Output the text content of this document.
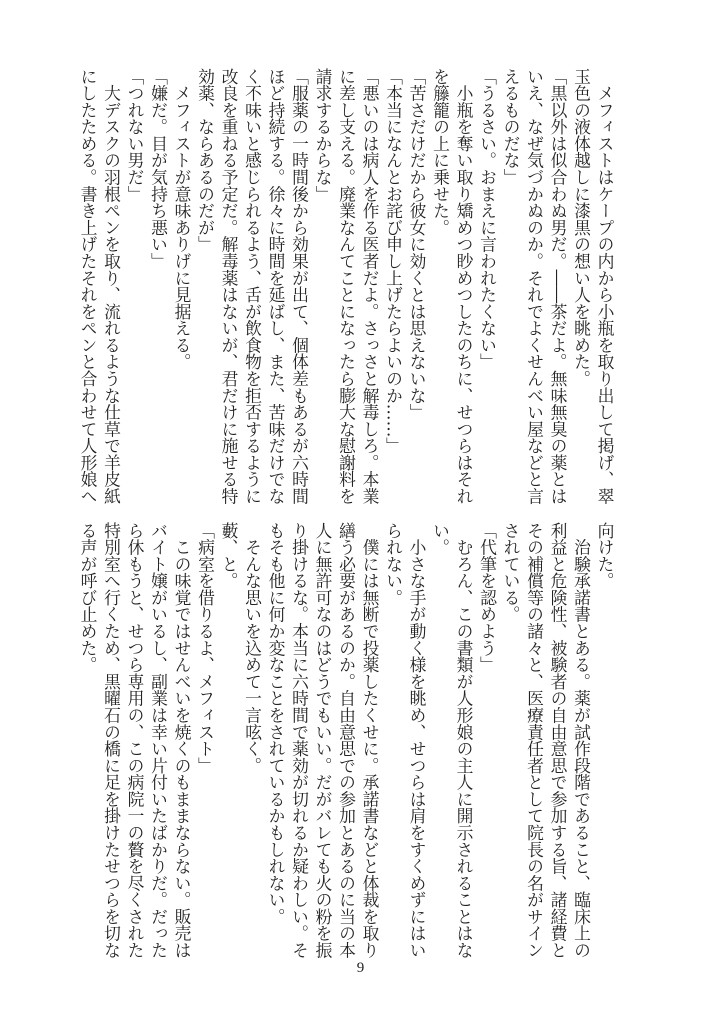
　メフィストはケープの内から小瓶を取り出して掲げ、翠
玉色の液体越しに漆黒の想い人を眺めた。
「黒以外は似合わぬ男だ。――茶だよ。無味無臭の薬とは
いえ、なぜ気づかぬのか。それでよくせんべい屋などと言
えるものだな」
「うるさい。おまえに言われたくない」
　小瓶を奪い取り矯めつ眇めつしたのちに、せつらはそれ
を籐籠の上に乗せた。
「苦さだけだから彼女に効くとは思えないな」
「本当になんとお詫び申し上げたらよいのか……」
「悪いのは病人を作る医者だよ。さっさと解毒しろ。本業
に差し支える。廃業なんてことになったら膨大な慰謝料を
請求するからな」
「服薬の一時間後から効果が出て、個体差もあるが六時間
ほど持続する。徐々に時間を延ばし、また、苦味だけでな
く不味いと感じられるよう、舌が飲食物を拒否するように
改良を重ねる予定だ。解毒薬はないが、君だけに施せる特
効薬、ならあるのだが」
　メフィストが意味ありげに見据える。
「嫌だ。目が気持ち悪い」
「つれない男だ」
　大デスクの羽根ペンを取り、流れるような仕草で羊皮紙
にしたためる。書き上げたそれをペンと合わせて人形娘へ
向けた。
　治験承諾書とある。薬が試作段階であること、臨床上の
利益と危険性、被験者の自由意思で参加する旨、諸経費と
その補償等の諸々と、医療責任者として院長の名がサイン
されている。
「代筆を認めよう」
　むろん、この書類が人形娘の主人に開示されることはな
い。
　小さな手が動く様を眺め、せつらは肩をすくめずにはい
られない。
　僕には無断で投薬したくせに。承諾書などと体裁を取り
繕う必要があるのか。自由意思での参加とあるのに当の本
人に無許可なのはどうでもいい。だがバレても火の粉を振
り掛けるな。本当に六時間で薬効が切れるか疑わしい。そ
もそも他に何か変なことをされているかもしれない。
　そんな思いを込めて一言呟く。
藪、と。
「病室を借りるよ、メフィスト」
　この味覚ではせんべいを焼くのもままならない。販売は
バイト嬢がいるし、副業は幸い片付いたばかりだ。だった
ら休もうと、せつら専用の、この病院一の贅を尽くされた
特別室へ行くため、黒曜石の橋に足を掛けたせつらを切な
る声が呼び止めた。
9
